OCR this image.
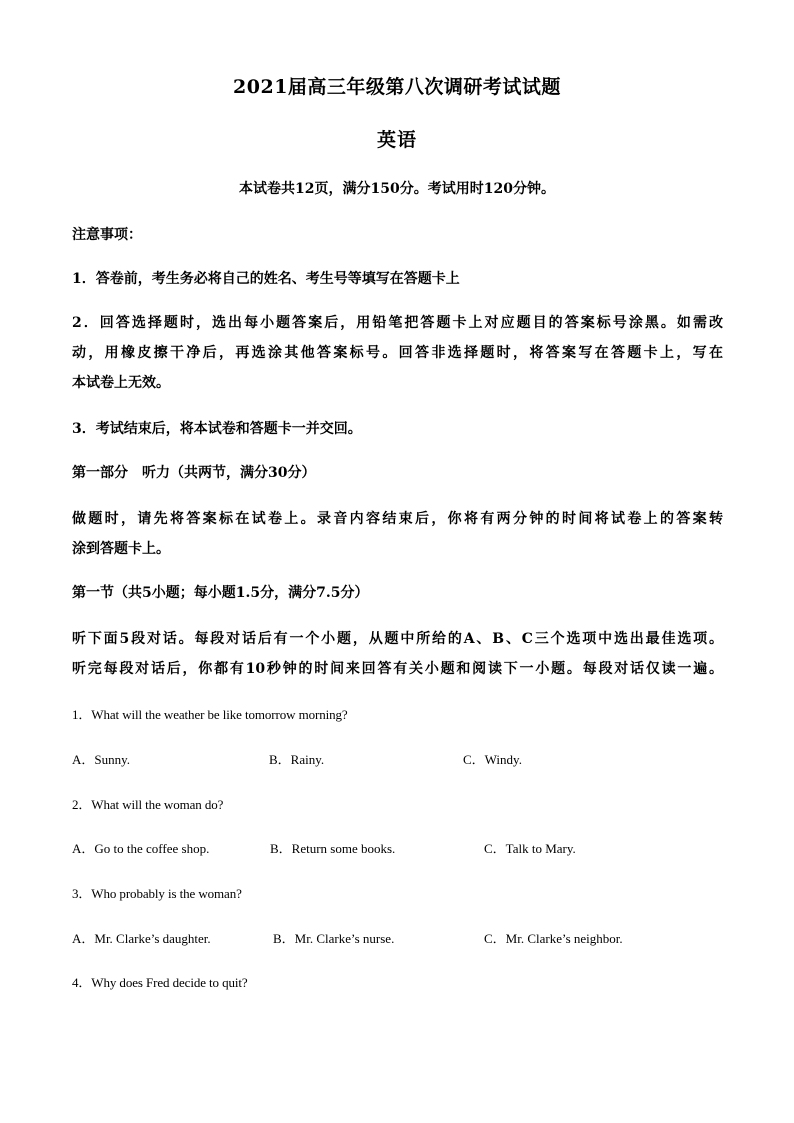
2021届高三年级第八次调研考试试题
英语
本试卷共12页，满分150分。考试用时120分钟。
注意事项：
1．答卷前，考生务必将自己的姓名、考生号等填写在答题卡上
2．回答选择题时，选出每小题答案后，用铅笔把答题卡上对应题目的答案标号涂黑。如需改
动，用橡皮擦干净后，再选涂其他答案标号。回答非选择题时，将答案写在答题卡上，写在
本试卷上无效。
3．考试结束后，将本试卷和答题卡一并交回。
第一部分　听力（共两节，满分30分）
做题时，请先将答案标在试卷上。录音内容结束后，你将有两分钟的时间将试卷上的答案转
涂到答题卡上。
第一节（共5小题；每小题1.5分，满分7.5分）
听下面5段对话。每段对话后有一个小题，从题中所给的A、B、C三个选项中选出最佳选项。
听完每段对话后，你都有10秒钟的时间来回答有关小题和阅读下一小题。每段对话仅读一遍。
1．What will the weather be like tomorrow morning?
A．Sunny.	B．Rainy.	C．Windy.
2．What will the woman do?
A．Go to the coffee shop.	B．Return some books.	C．Talk to Mary.
3．Who probably is the woman?
A．Mr. Clarke’s daughter.	B．Mr. Clarke’s nurse.	C．Mr. Clarke’s neighbor.
4．Why does Fred decide to quit?
